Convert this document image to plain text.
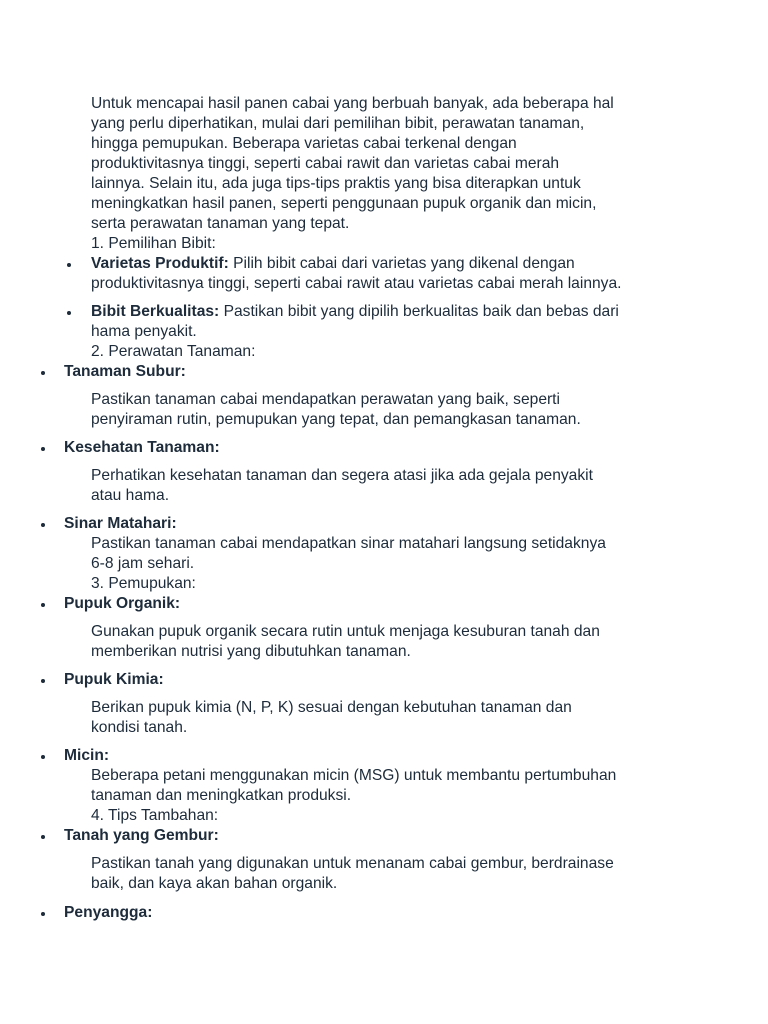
Untuk mencapai hasil panen cabai yang berbuah banyak, ada beberapa hal
yang perlu diperhatikan, mulai dari pemilihan bibit, perawatan tanaman,
hingga pemupukan. Beberapa varietas cabai terkenal dengan
produktivitasnya tinggi, seperti cabai rawit dan varietas cabai merah
lainnya. Selain itu, ada juga tips-tips praktis yang bisa diterapkan untuk
meningkatkan hasil panen, seperti penggunaan pupuk organik dan micin,
serta perawatan tanaman yang tepat.
1. Pemilihan Bibit:
Varietas Produktif: Pilih bibit cabai dari varietas yang dikenal dengan
produktivitasnya tinggi, seperti cabai rawit atau varietas cabai merah lainnya.
Bibit Berkualitas: Pastikan bibit yang dipilih berkualitas baik dan bebas dari
hama penyakit.
2. Perawatan Tanaman:
Tanaman Subur:
Pastikan tanaman cabai mendapatkan perawatan yang baik, seperti
penyiraman rutin, pemupukan yang tepat, dan pemangkasan tanaman.
Kesehatan Tanaman:
Perhatikan kesehatan tanaman dan segera atasi jika ada gejala penyakit
atau hama.
Sinar Matahari:
Pastikan tanaman cabai mendapatkan sinar matahari langsung setidaknya
6-8 jam sehari.
3. Pemupukan:
Pupuk Organik:
Gunakan pupuk organik secara rutin untuk menjaga kesuburan tanah dan
memberikan nutrisi yang dibutuhkan tanaman.
Pupuk Kimia:
Berikan pupuk kimia (N, P, K) sesuai dengan kebutuhan tanaman dan
kondisi tanah.
Micin:
Beberapa petani menggunakan micin (MSG) untuk membantu pertumbuhan
tanaman dan meningkatkan produksi.
4. Tips Tambahan:
Tanah yang Gembur:
Pastikan tanah yang digunakan untuk menanam cabai gembur, berdrainase
baik, dan kaya akan bahan organik.
Penyangga:
